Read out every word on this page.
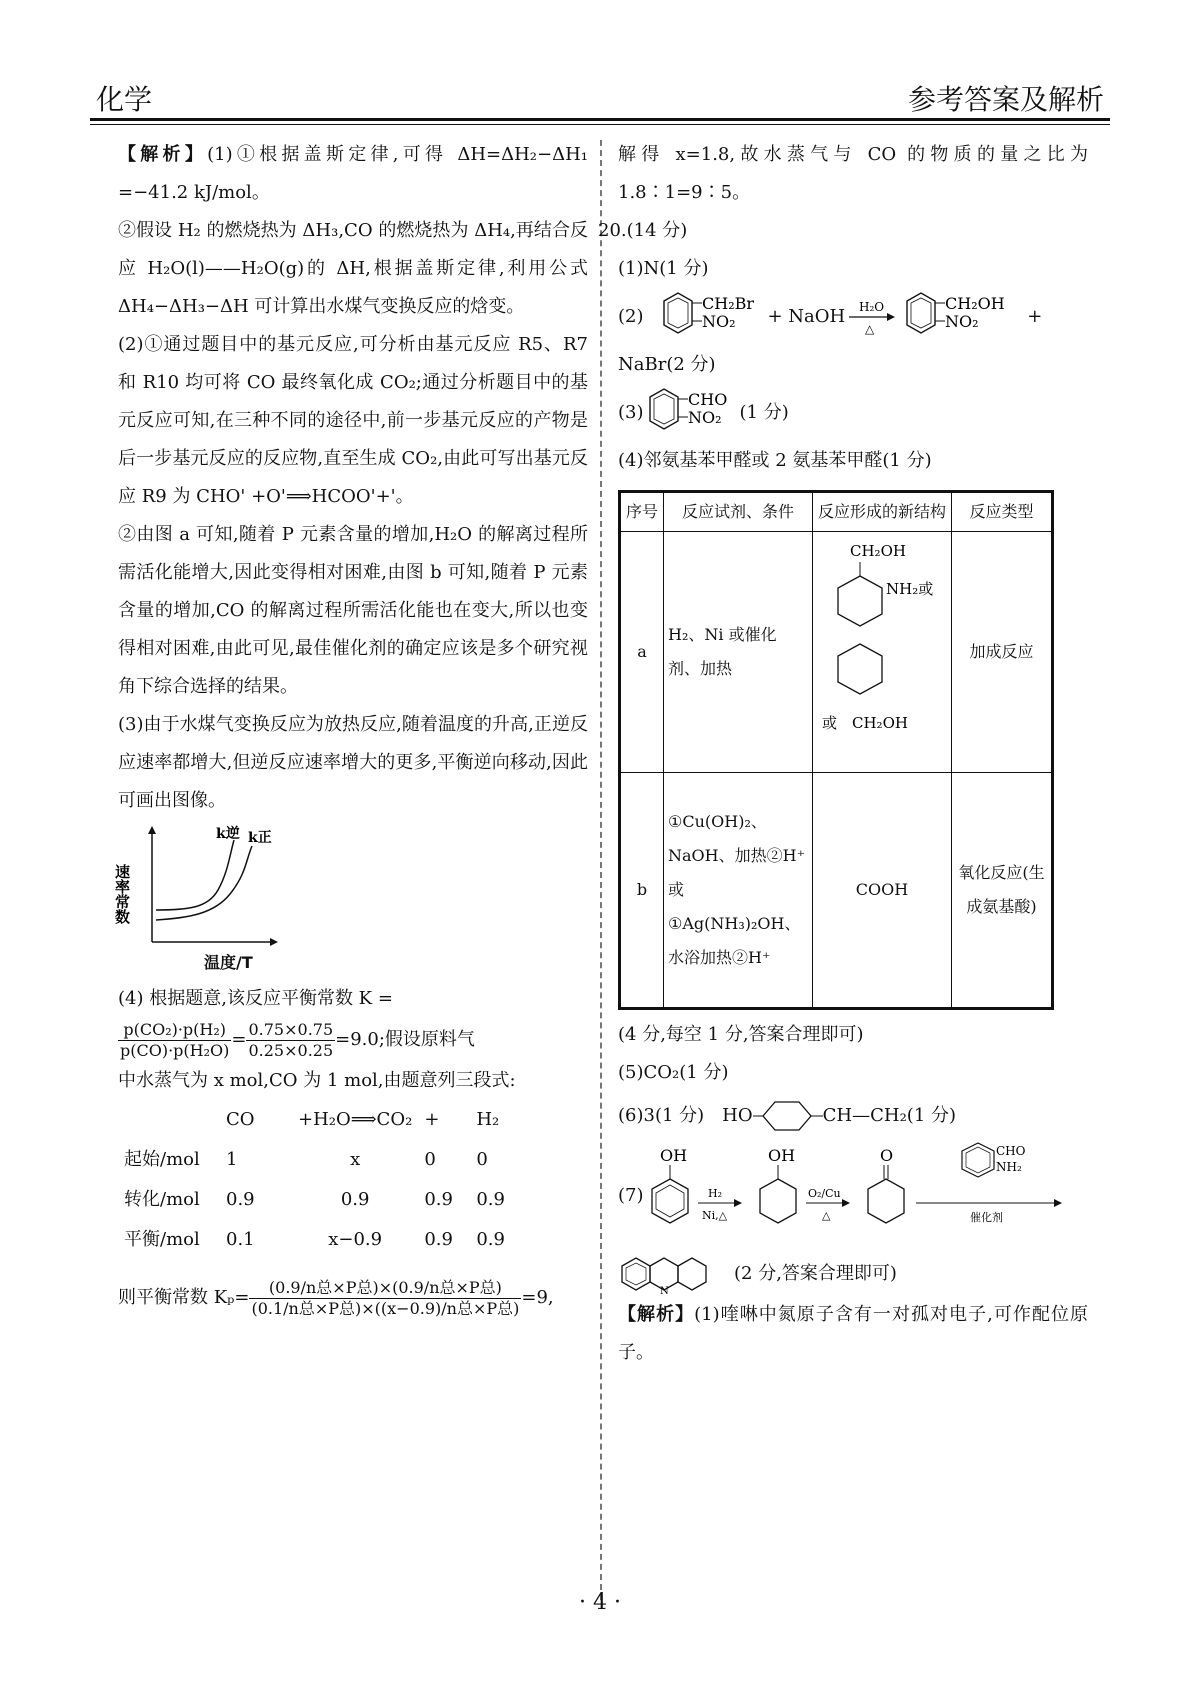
化学	参考答案及解析

【解析】(1)①根据盖斯定律,可得 ΔH=ΔH₂−ΔH₁ =−41.2 kJ/mol。

②假设 H₂ 的燃烧热为 ΔH₃,CO 的燃烧热为 ΔH₄,再结合反应 H₂O(l)——H₂O(g)的 ΔH,根据盖斯定律,利用公式 ΔH₄−ΔH₃−ΔH 可计算出水煤气变换反应的焓变。

(2)①通过题目中的基元反应,可分析由基元反应 R5、R7 和 R10 均可将 CO 最终氧化成 CO₂;通过分析题目中的基元反应可知,在三种不同的途径中,前一步基元反应的产物是后一步基元反应的反应物,直至生成 CO₂,由此可写出基元反应 R9 为 CHO' +O'⟹HCOO'+'。

②由图 a 可知,随着 P 元素含量的增加,H₂O 的解离过程所需活化能增大,因此变得相对困难,由图 b 可知,随着 P 元素含量的增加,CO 的解离过程所需活化能也在变大,所以也变得相对困难,由此可见,最佳催化剂的确定应该是多个研究视角下综合选择的结果。

(3)由于水煤气变换反应为放热反应,随着温度的升高,正逆反应速率都增大,但逆反应速率增大的更多,平衡逆向移动,因此可画出图像。

速率常数
k逆 k正
温度/T

(4) 根据题意,该反应平衡常数 K =

$\frac{\text{p(CO₂)·p(H₂)}}{\text{p(CO)·p(H₂O)}} = \frac{0.75\times 0.75}{0.25\times 0.25} =9.0$;假设原料气

中水蒸气为 x mol,CO 为 1 mol,由题意列三段式:

	CO	+H₂O⟹CO₂	+	H₂
起始/mol	1	x	0	0
转化/mol	0.9	0.9	0.9	0.9
平衡/mol	0.1	x−0.9	0.9	0.9
则平衡常数 $K_p= \frac{\text{(0.9/n总×P总)×(0.9/n总×P总)}}{\text{(0.1/n总×P总)×((x−0.9)/n总×P总)}} =9$,

解得 x=1.8,故水蒸气与 CO 的物质的量之比为 1.8∶1=9∶5。

20.(14 分)

(1)N(1 分)

(2)
CH₂Br
NO₂ + NaOH H₂O
△
CH₂OH
NO₂	+

NaBr(2 分)

(3)
CHO
NO₂ (1 分)

(4)邻氨基苯甲醛或 2 氨基苯甲醛(1 分)

序号	反应试剂、条件	反应形成的新结构	反应类型
a	H₂、Ni 或催化剂、加热	CH₂OH
NH₂或
或　CH₂OH	加成反应
b	①Cu(OH)₂、
NaOH、加热②H⁺
或
①Ag(NH₃)₂OH、
水浴加热②H⁺	COOH	氧化反应(生成氨基酸)

(4 分,每空 1 分,答案合理即可)

(5)CO₂(1 分)

(6)3(1 分) HO	CH—CH₂(1 分)
(7)
OH
H₂
Ni,△
OH
O₂/Cu
△
O	CHO
NH₂
催化剂
N
(2 分,答案合理即可)

【解析】(1)喹啉中氮原子含有一对孤对电子,可作配位原子。

· 4 ·
